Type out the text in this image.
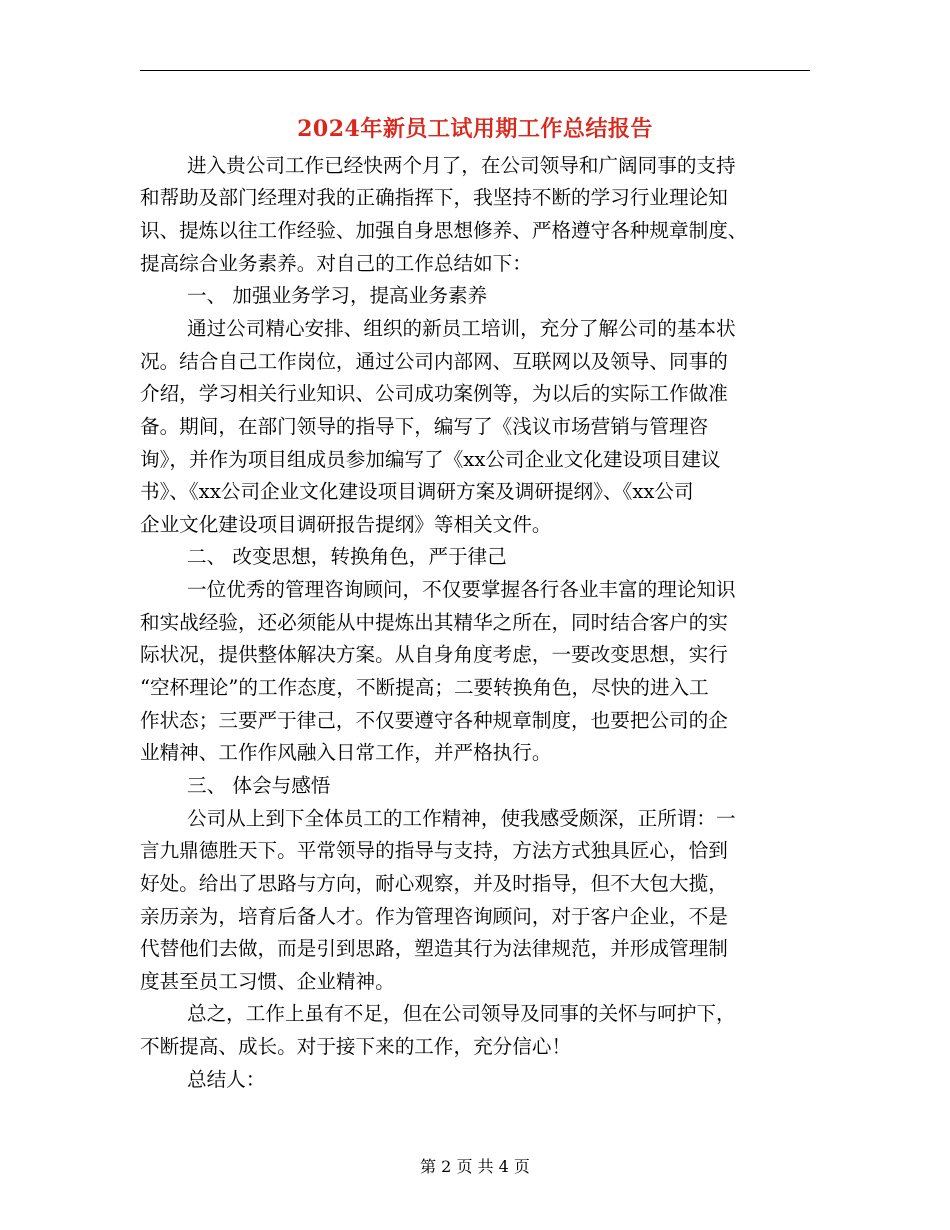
2024年新员工试用期工作总结报告
进入贵公司工作已经快两个月了，在公司领导和广阔同事的支持
和帮助及部门经理对我的正确指挥下，我坚持不断的学习行业理论知
识、提炼以往工作经验、加强自身思想修养、严格遵守各种规章制度、
提高综合业务素养。对自己的工作总结如下：
一、 加强业务学习，提高业务素养
通过公司精心安排、组织的新员工培训，充分了解公司的基本状
况。结合自己工作岗位，通过公司内部网、互联网以及领导、同事的
介绍，学习相关行业知识、公司成功案例等，为以后的实际工作做准
备。期间，在部门领导的指导下，编写了《浅议市场营销与管理咨
询》，并作为项目组成员参加编写了《xx公司企业文化建设项目建议
书》、《xx公司企业文化建设项目调研方案及调研提纲》、《xx公司
企业文化建设项目调研报告提纲》等相关文件。
二、 改变思想，转换角色，严于律己
一位优秀的管理咨询顾问，不仅要掌握各行各业丰富的理论知识
和实战经验，还必须能从中提炼出其精华之所在，同时结合客户的实
际状况，提供整体解决方案。从自身角度考虑，一要改变思想，实行
“空杯理论”的工作态度，不断提高；二要转换角色，尽快的进入工
作状态；三要严于律己，不仅要遵守各种规章制度，也要把公司的企
业精神、工作作风融入日常工作，并严格执行。
三、 体会与感悟
公司从上到下全体员工的工作精神，使我感受颇深，正所谓：一
言九鼎德胜天下。平常领导的指导与支持，方法方式独具匠心，恰到
好处。给出了思路与方向，耐心观察，并及时指导，但不大包大揽，
亲历亲为，培育后备人才。作为管理咨询顾问，对于客户企业，不是
代替他们去做，而是引到思路，塑造其行为法律规范，并形成管理制
度甚至员工习惯、企业精神。
总之，工作上虽有不足，但在公司领导及同事的关怀与呵护下，
不断提高、成长。对于接下来的工作，充分信心！
总结人：
第 2 页 共 4 页
